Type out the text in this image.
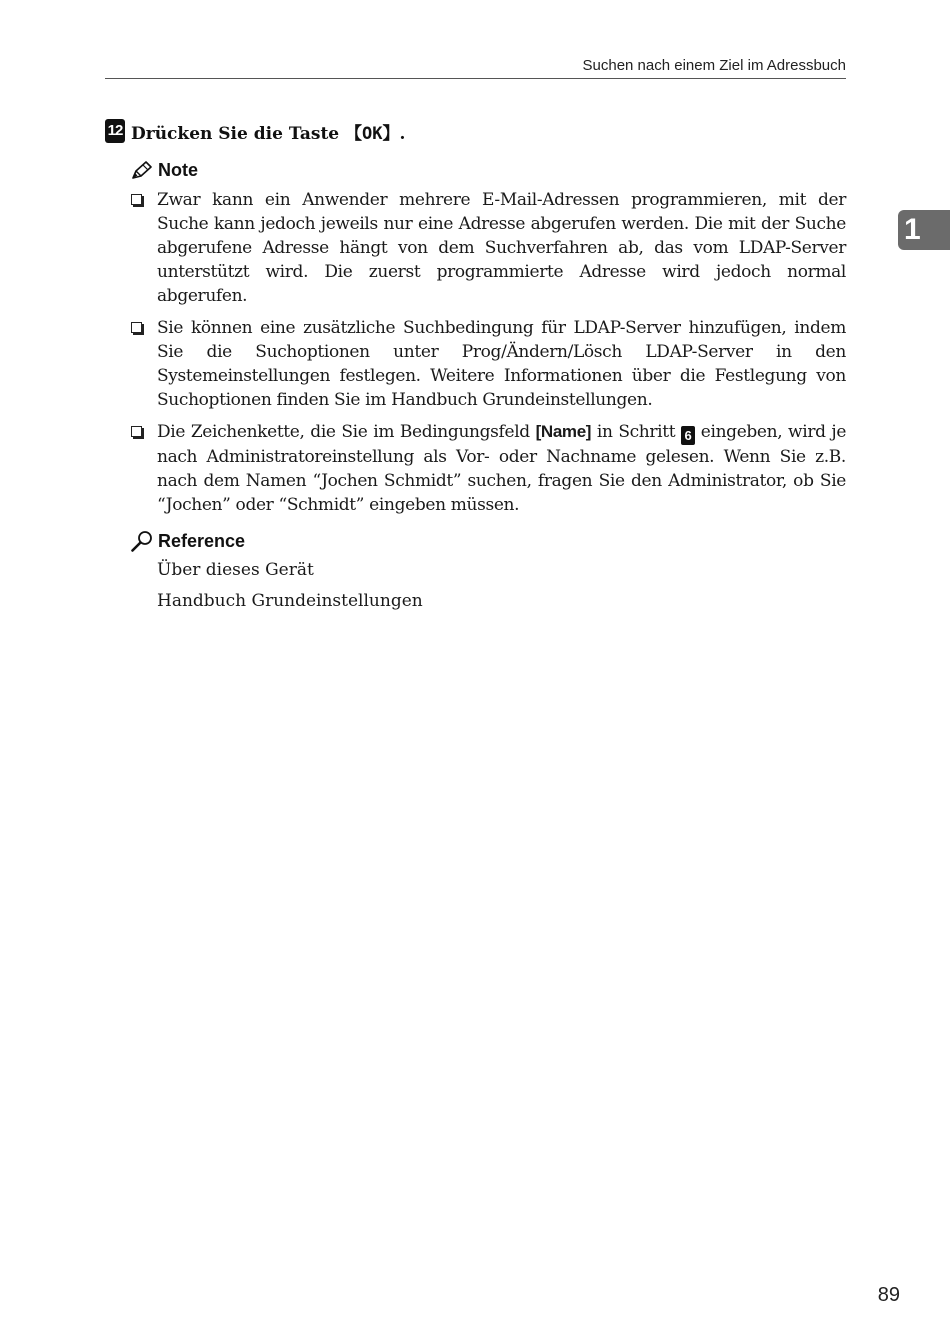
Suchen nach einem Ziel im Adressbuch
1
12 Drücken Sie die Taste 【OK】.
Note
Zwar kann ein Anwender mehrere E-Mail-Adressen programmieren, mit der Suche kann jedoch jeweils nur eine Adresse abgerufen werden. Die mit der Suche abgerufene Adresse hängt von dem Suchverfahren ab, das vom LDAP-Server unterstützt wird. Die zuerst programmierte Adresse wird jedoch normal abgerufen.
Sie können eine zusätzliche Suchbedingung für LDAP-Server hinzufügen, indem Sie die Suchoptionen unter Prog/Ändern/Lösch LDAP-Server in den Systemeinstellungen festlegen. Weitere Informationen über die Festlegung von Suchoptionen finden Sie im Handbuch Grundeinstellungen.
Die Zeichenkette, die Sie im Bedingungsfeld [Name] in Schritt 6 eingeben, wird je nach Administratoreinstellung als Vor- oder Nachname gelesen. Wenn Sie z.B. nach dem Namen “Jochen Schmidt” suchen, fragen Sie den Administrator, ob Sie “Jochen” oder “Schmidt” eingeben müssen.
Reference
Über dieses Gerät
Handbuch Grundeinstellungen
89
